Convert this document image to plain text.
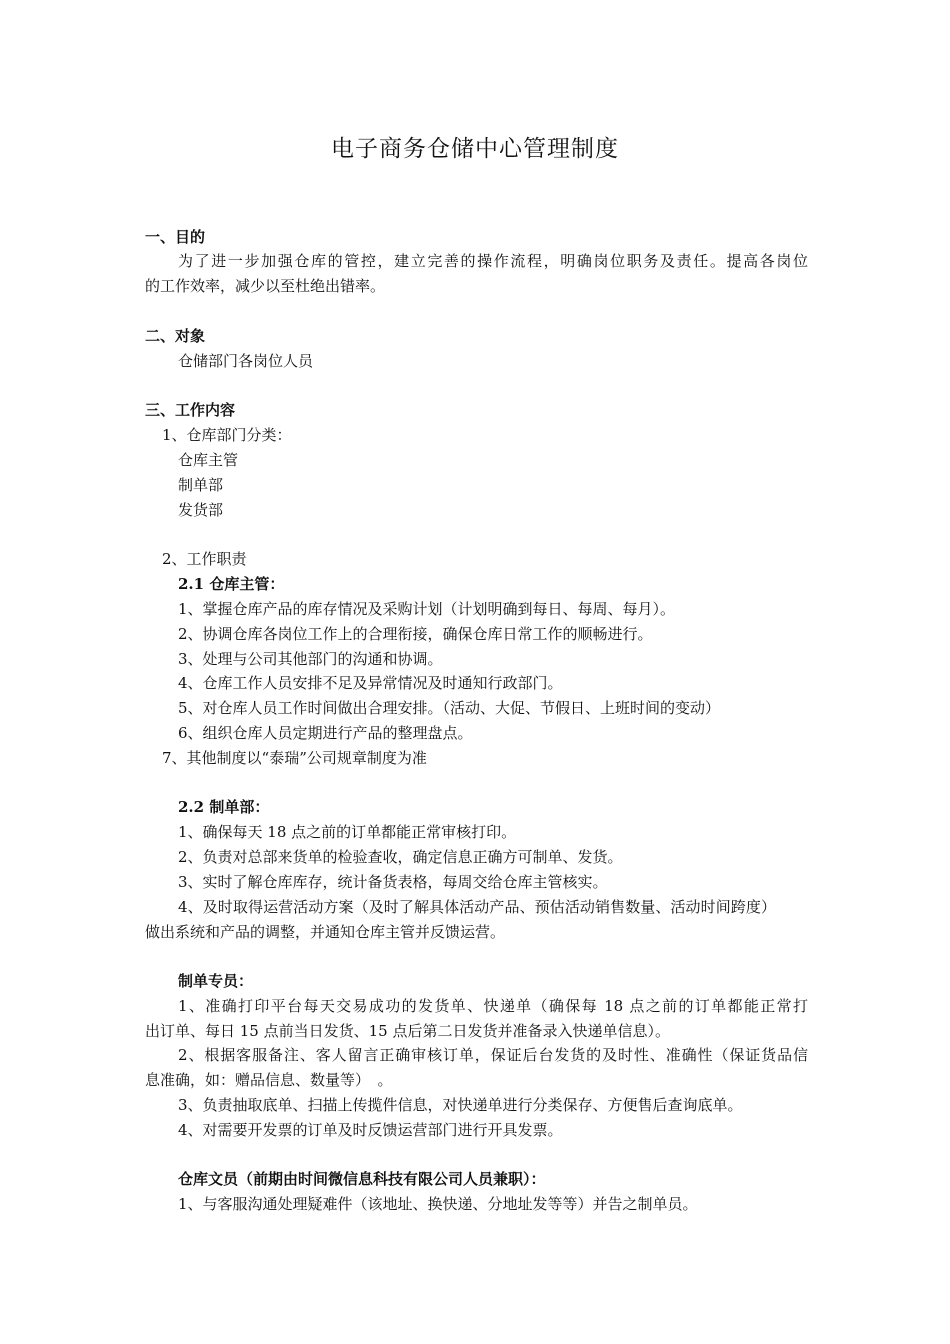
电子商务仓储中心管理制度
一、目的
为了进一步加强仓库的管控，建立完善的操作流程，明确岗位职务及责任。提高各岗位
的工作效率，减少以至杜绝出错率。
二、对象
仓储部门各岗位人员
三、工作内容
1、仓库部门分类：
仓库主管
制单部
发货部
2、工作职责
2.1 仓库主管：
1、掌握仓库产品的库存情况及采购计划（计划明确到每日、每周、每月）。
2、协调仓库各岗位工作上的合理衔接，确保仓库日常工作的顺畅进行。
3、处理与公司其他部门的沟通和协调。
4、仓库工作人员安排不足及异常情况及时通知行政部门。
5、对仓库人员工作时间做出合理安排。（活动、大促、节假日、上班时间的变动）
6、组织仓库人员定期进行产品的整理盘点。
7、其他制度以“泰瑞”公司规章制度为准
2.2 制单部：
1、确保每天 18 点之前的订单都能正常审核打印。
2、负责对总部来货单的检验查收，确定信息正确方可制单、发货。
3、实时了解仓库库存，统计备货表格，每周交给仓库主管核实。
4、及时取得运营活动方案（及时了解具体活动产品、预估活动销售数量、活动时间跨度）
做出系统和产品的调整，并通知仓库主管并反馈运营。
制单专员：
1、准确打印平台每天交易成功的发货单、快递单（确保每 18 点之前的订单都能正常打
出订单、每日 15 点前当日发货、15 点后第二日发货并准备录入快递单信息）。
2、根据客服备注、客人留言正确审核订单，保证后台发货的及时性、准确性（保证货品信
息准确，如：赠品信息、数量等）　。
3、负责抽取底单、扫描上传揽件信息，对快递单进行分类保存、方便售后查询底单。
4、对需要开发票的订单及时反馈运营部门进行开具发票。
仓库文员（前期由时间微信息科技有限公司人员兼职）：
1、与客服沟通处理疑难件（该地址、换快递、分地址发等等）并告之制单员。
